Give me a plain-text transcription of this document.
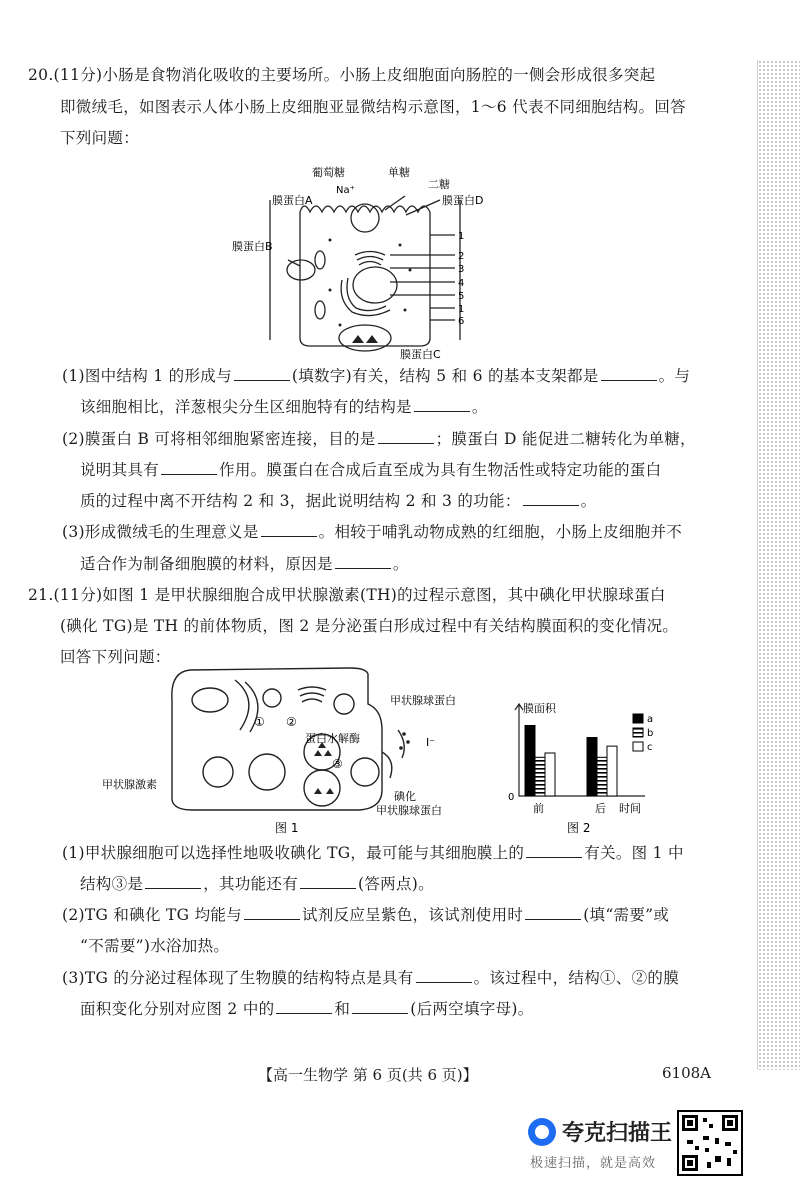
20.(11分)小肠是食物消化吸收的主要场所。小肠上皮细胞面向肠腔的一侧会形成很多突起
即微绒毛，如图表示人体小肠上皮细胞亚显微结构示意图，1～6 代表不同细胞结构。回答
下列问题：
葡萄糖	单糖
二糖
Na⁺
膜蛋白A	膜蛋白D
膜蛋白B
膜蛋白C
1
2
3
4
5
1
6
(1)图中结构 1 的形成与	(填数字)有关，结构 5 和 6 的基本支架都是	。与
该细胞相比，洋葱根尖分生区细胞特有的结构是	。
(2)膜蛋白 B 可将相邻细胞紧密连接，目的是	；膜蛋白 D 能促进二糖转化为单糖，
说明其具有	作用。膜蛋白在合成后直至成为具有生物活性或特定功能的蛋白
质的过程中离不开结构 2 和 3，据此说明结构 2 和 3 的功能：	。
(3)形成微绒毛的生理意义是	。相较于哺乳动物成熟的红细胞，小肠上皮细胞并不
适合作为制备细胞膜的材料，原因是	。
21.(11分)如图 1 是甲状腺细胞合成甲状腺激素(TH)的过程示意图，其中碘化甲状腺球蛋白
(碘化 TG)是 TH 的前体物质，图 2 是分泌蛋白形成过程中有关结构膜面积的变化情况。
回答下列问题：
甲状腺球蛋白
蛋白水解酶	I⁻
甲状腺激素
碘化
甲状腺球蛋白
① ②
③
图 1
膜面积
0
前	后 时间
a
b
c
图 2
(1)甲状腺细胞可以选择性地吸收碘化 TG，最可能与其细胞膜上的	有关。图 1 中
结构③是	，其功能还有	(答两点)。
(2)TG 和碘化 TG 均能与	试剂反应呈紫色，该试剂使用时	(填“需要”或
“不需要”)水浴加热。
(3)TG 的分泌过程体现了生物膜的结构特点是具有	。该过程中，结构①、②的膜
面积变化分别对应图 2 中的	和	(后两空填字母)。
【高一生物学 第 6 页(共 6 页)】	6108A
夸克扫描王
极速扫描，就是高效
